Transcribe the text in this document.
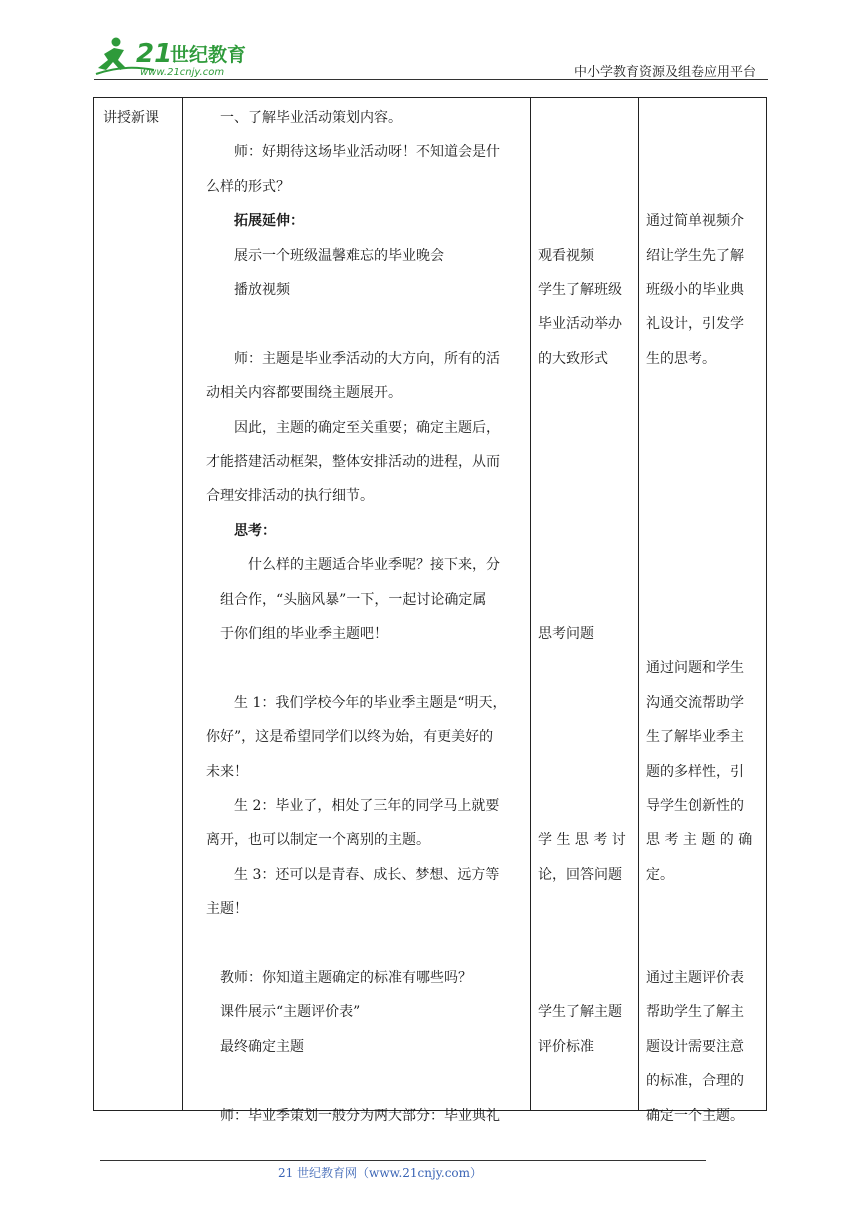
21
世纪教育
www.21cnjy.com	中小学教育资源及组卷应用平台
讲授新课	一、了解毕业活动策划内容。
师：好期待这场毕业活动呀！不知道会是什
么样的形式？
拓展延伸：
展示一个班级温馨难忘的毕业晚会
播放视频
师：主题是毕业季活动的大方向，所有的活
动相关内容都要围绕主题展开。
因此，主题的确定至关重要；确定主题后，
才能搭建活动框架，整体安排活动的进程，从而
合理安排活动的执行细节。
思考：
什么样的主题适合毕业季呢？接下来，分
组合作，“头脑风暴”一下，一起讨论确定属
于你们组的毕业季主题吧！
生 1：我们学校今年的毕业季主题是“明天，
你好”，这是希望同学们以终为始，有更美好的
未来！
生 2：毕业了，相处了三年的同学马上就要
离开，也可以制定一个离别的主题。
生 3：还可以是青春、成长、梦想、远方等
主题！
教师：你知道主题确定的标准有哪些吗？
课件展示“主题评价表”
最终确定主题
师：毕业季策划一般分为两大部分：毕业典礼
观看视频
学生了解班级
毕业活动举办
的大致形式
思考问题
学 生 思 考 讨
论，回答问题
学生了解主题
评价标准
通过简单视频介
绍让学生先了解
班级小的毕业典
礼设计，引发学
生的思考。
通过问题和学生
沟通交流帮助学
生了解毕业季主
题的多样性，引
导学生创新性的
思 考 主 题 的 确
定。
通过主题评价表
帮助学生了解主
题设计需要注意
的标准，合理的
确定一个主题。
21 世纪教育网（www.21cnjy.com）
